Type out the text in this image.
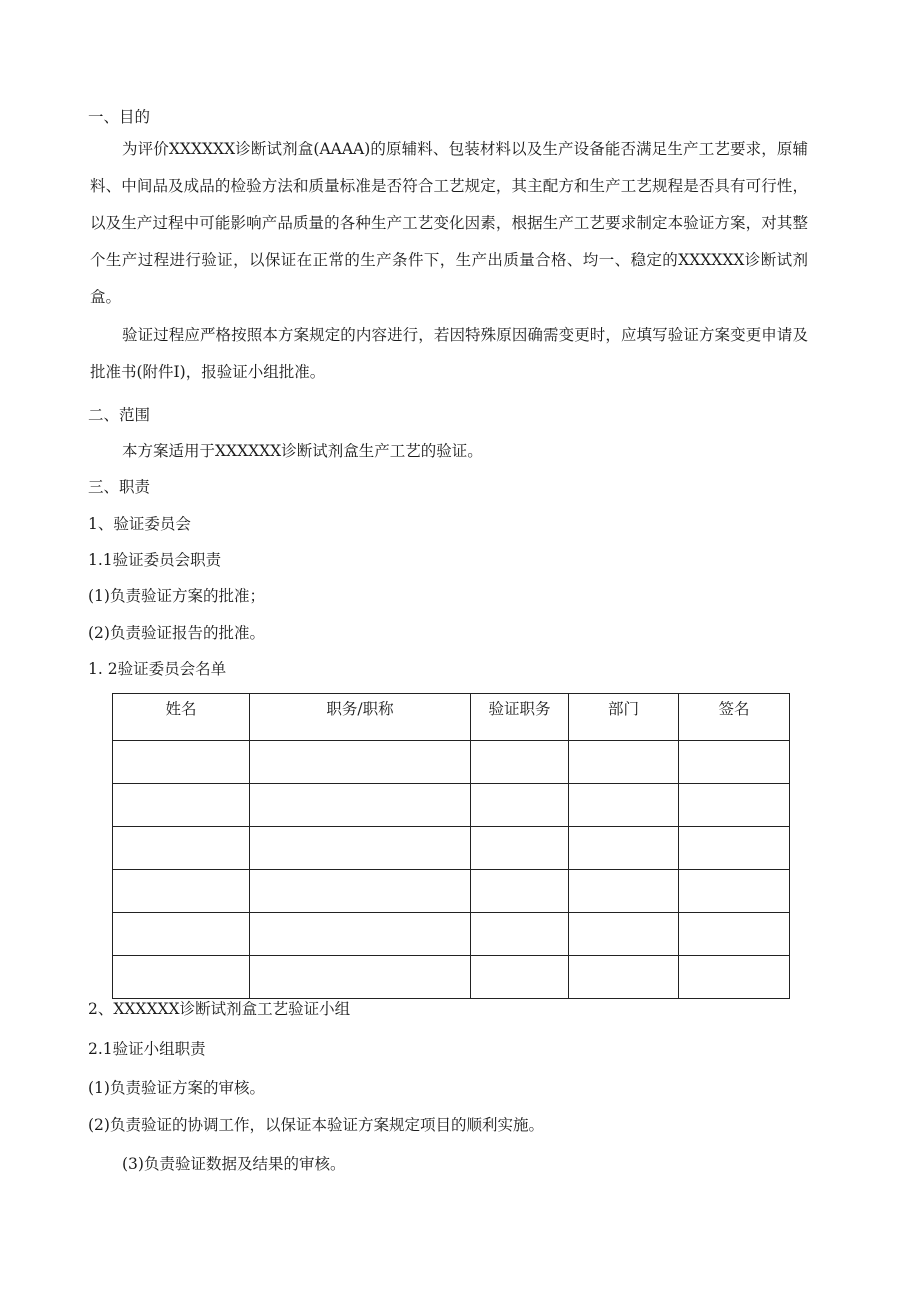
一、目的
为评价XXXXXX诊断试剂盒(AAAA)的原辅料、包装材料以及生产设备能否满足生产工艺要求，原辅料、中间品及成品的检验方法和质量标准是否符合工艺规定，其主配方和生产工艺规程是否具有可行性，以及生产过程中可能影响产品质量的各种生产工艺变化因素，根据生产工艺要求制定本验证方案，对其整个生产过程进行验证，以保证在正常的生产条件下，生产出质量合格、均一、稳定的XXXXXX诊断试剂盒。
验证过程应严格按照本方案规定的内容进行，若因特殊原因确需变更时，应填写验证方案变更申请及批准书(附件I)，报验证小组批准。
二、范围
本方案适用于XXXXXX诊断试剂盒生产工艺的验证。
三、职责
1、验证委员会
1.1验证委员会职责
(1)负责验证方案的批准；
(2)负责验证报告的批准。
1. 2验证委员会名单
姓名	职务/职称	验证职务	部门	签名

2、XXXXXX诊断试剂盒工艺验证小组
2.1验证小组职责
(1)负责验证方案的审核。
(2)负责验证的协调工作，以保证本验证方案规定项目的顺利实施。
(3)负责验证数据及结果的审核。
